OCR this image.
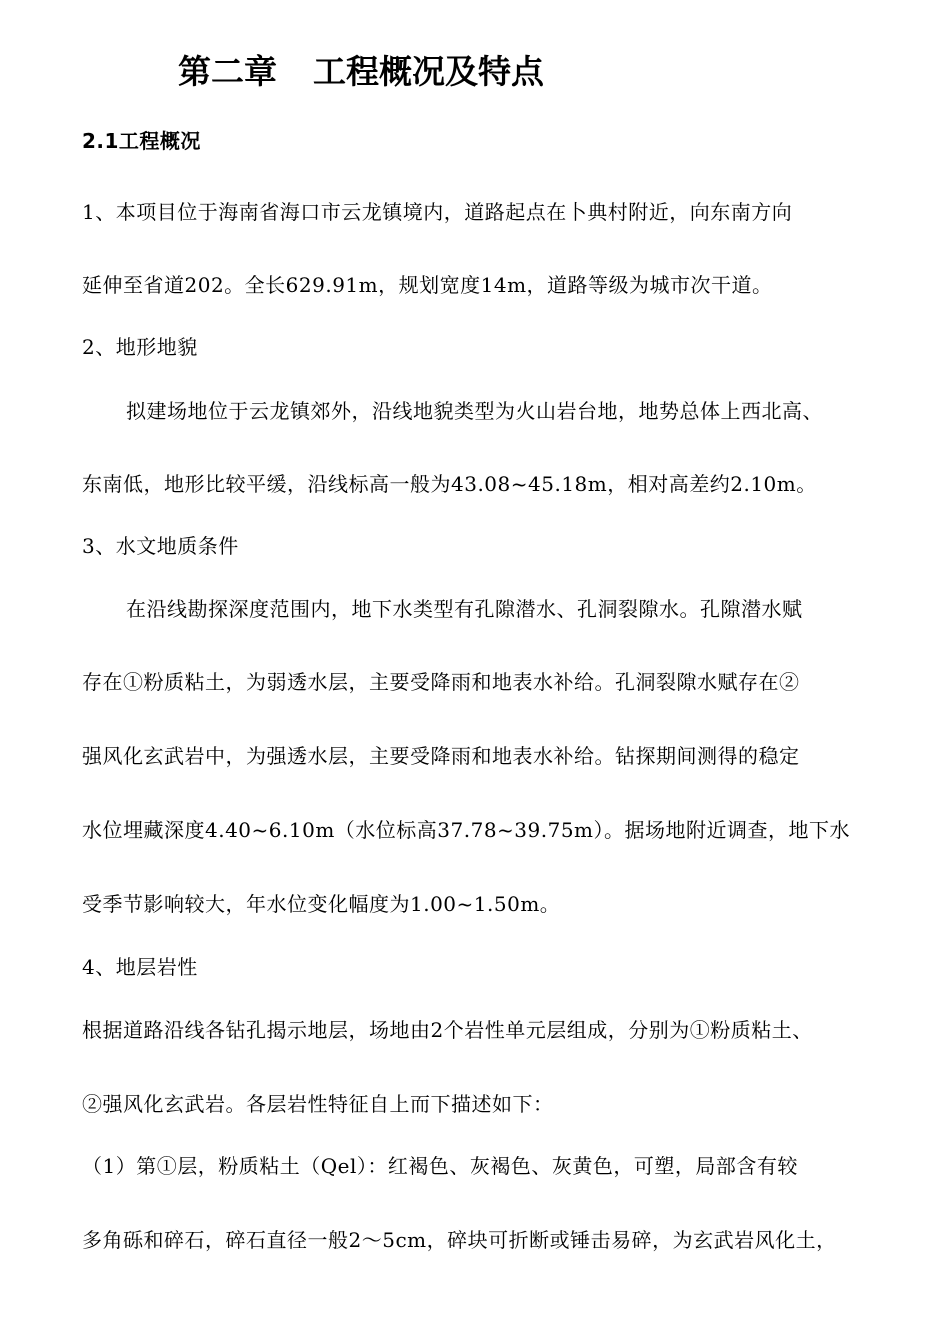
第二章 工程概况及特点
2.1工程概况
1、本项目位于海南省海口市云龙镇境内，道路起点在卜典村附近，向东南方向
延伸至省道202。全长629.91m，规划宽度14m，道路等级为城市次干道。
2、地形地貌
拟建场地位于云龙镇郊外，沿线地貌类型为火山岩台地，地势总体上西北高、
东南低，地形比较平缓，沿线标高一般为43.08~45.18m，相对高差约2.10m。
3、水文地质条件
在沿线勘探深度范围内，地下水类型有孔隙潜水、孔洞裂隙水。孔隙潜水赋
存在①粉质粘土，为弱透水层，主要受降雨和地表水补给。孔洞裂隙水赋存在②
强风化玄武岩中，为强透水层，主要受降雨和地表水补给。钻探期间测得的稳定
水位埋藏深度4.40~6.10m（水位标高37.78~39.75m）。据场地附近调查，地下水
受季节影响较大，年水位变化幅度为1.00~1.50m。
4、地层岩性
根据道路沿线各钻孔揭示地层，场地由2个岩性单元层组成，分别为①粉质粘土、
②强风化玄武岩。各层岩性特征自上而下描述如下：
（1）第①层，粉质粘土（Qel）：红褐色、灰褐色、灰黄色，可塑，局部含有较
多角砾和碎石，碎石直径一般2～5cm，碎块可折断或锤击易碎，为玄武岩风化土，
